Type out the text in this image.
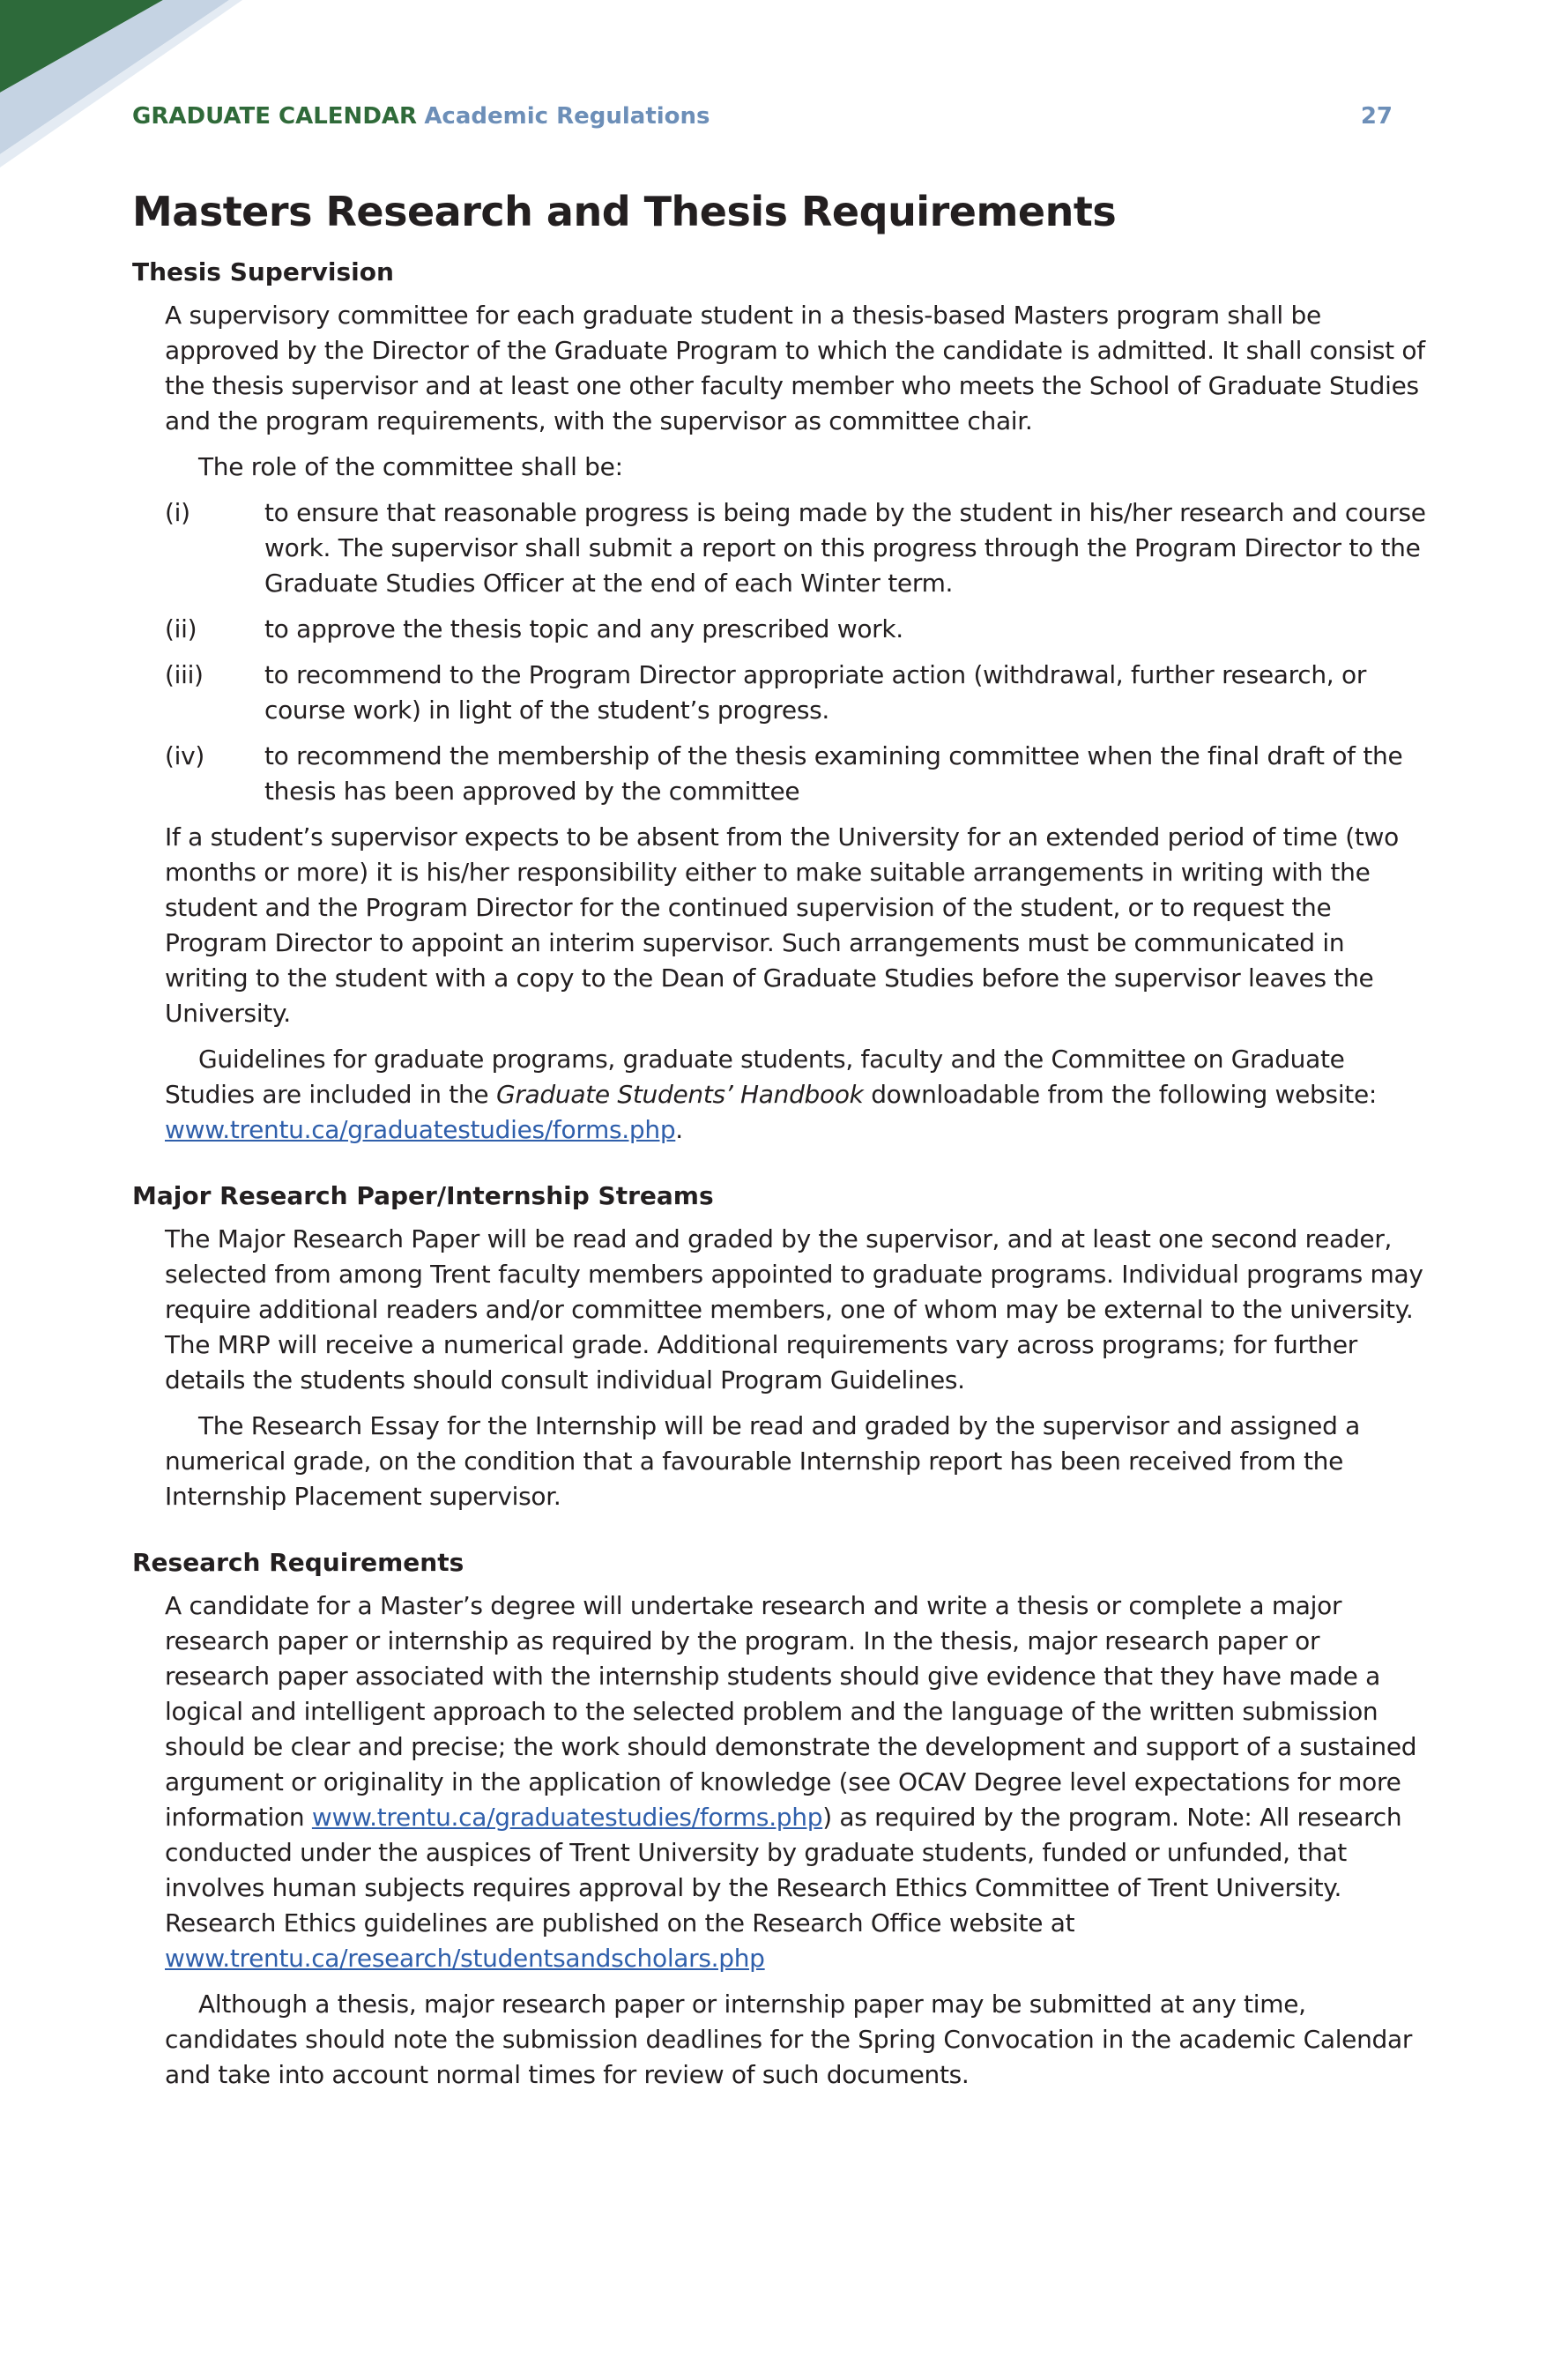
GRADUATE CALENDAR Academic Regulations	27
Masters Research and Thesis Requirements
Thesis Supervision

A supervisory committee for each graduate student in a thesis-based Masters program shall be approved by the Director of the Graduate Program to which the candidate is admitted. It shall consist of the thesis supervisor and at least one other faculty member who meets the School of Graduate Studies and the program requirements, with the supervisor as committee chair.

The role of the committee shall be:

(i)	to ensure that reasonable progress is being made by the student in his/her research and course work. The supervisor shall submit a report on this progress through the Program Director to the Graduate Studies Officer at the end of each Winter term.
(ii)	to approve the thesis topic and any prescribed work.
(iii)	to recommend to the Program Director appropriate action (withdrawal, further research, or course work) in light of the student’s progress.
(iv)	to recommend the membership of the thesis examining committee when the final draft of the thesis has been approved by the committee

If a student’s supervisor expects to be absent from the University for an extended period of time (two months or more) it is his/her responsibility either to make suitable arrangements in writing with the student and the Program Director for the continued supervision of the student, or to request the Program Director to appoint an interim supervisor. Such arrangements must be communicated in writing to the student with a copy to the Dean of Graduate Studies before the supervisor leaves the University.

Guidelines for graduate programs, graduate students, faculty and the Committee on Graduate Studies are included in the Graduate Students’ Handbook downloadable from the following website: www.trentu.ca/graduatestudies/forms.php.

Major Research Paper/Internship Streams

The Major Research Paper will be read and graded by the supervisor, and at least one second reader, selected from among Trent faculty members appointed to graduate programs. Individual programs may require additional readers and/or committee members, one of whom may be external to the university. The MRP will receive a numerical grade. Additional requirements vary across programs; for further details the students should consult individual Program Guidelines.

The Research Essay for the Internship will be read and graded by the supervisor and assigned a numerical grade, on the condition that a favourable Internship report has been received from the Internship Placement supervisor.

Research Requirements

A candidate for a Master’s degree will undertake research and write a thesis or complete a major research paper or internship as required by the program. In the thesis, major research paper or research paper associated with the internship students should give evidence that they have made a logical and intelligent approach to the selected problem and the language of the written submission should be clear and precise; the work should demonstrate the development and support of a sustained argument or originality in the application of knowledge (see OCAV Degree level expectations for more information www.trentu.ca/graduatestudies/forms.php) as required by the program. Note: All research conducted under the auspices of Trent University by graduate students, funded or unfunded, that involves human subjects requires approval by the Research Ethics Committee of Trent University. Research Ethics guidelines are published on the Research Office website at www.trentu.ca/research/studentsandscholars.php

Although a thesis, major research paper or internship paper may be submitted at any time, candidates should note the submission deadlines for the Spring Convocation in the academic Calendar and take into account normal times for review of such documents.
